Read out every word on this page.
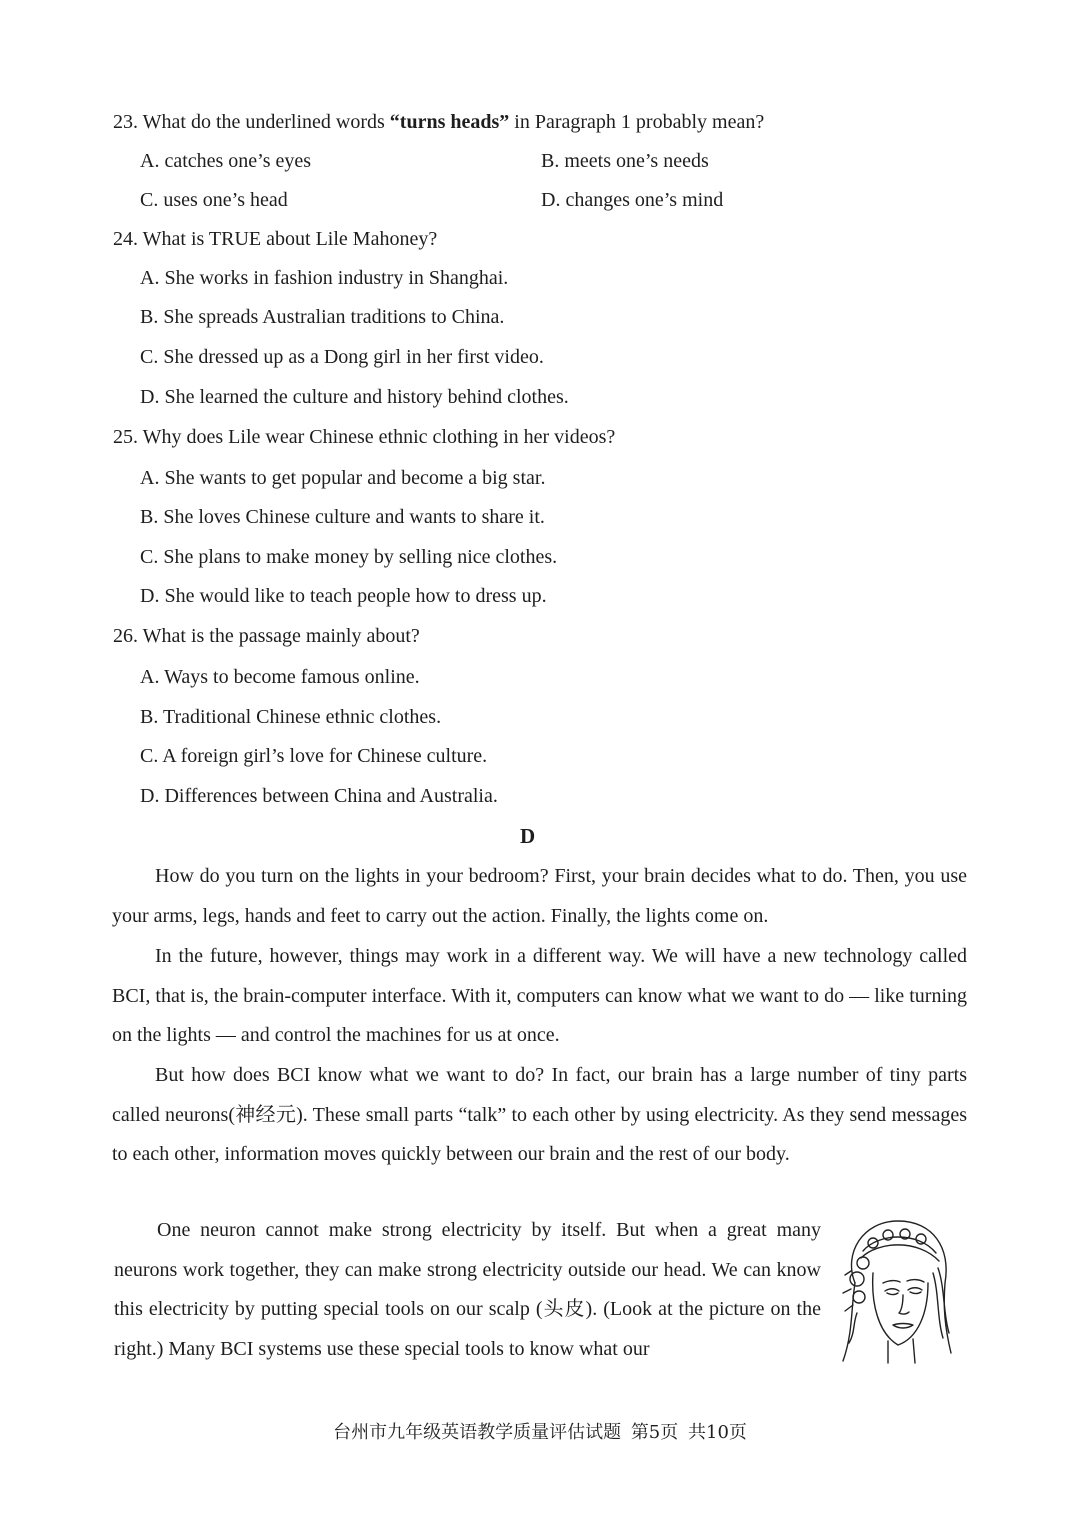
23. What do the underlined words “turns heads” in Paragraph 1 probably mean?
A. catches one’s eyes	B. meets one’s needs
C. uses one’s head	D. changes one’s mind
24. What is TRUE about Lile Mahoney?
A. She works in fashion industry in Shanghai.
B. She spreads Australian traditions to China.
C. She dressed up as a Dong girl in her first video.
D. She learned the culture and history behind clothes.
25. Why does Lile wear Chinese ethnic clothing in her videos?
A. She wants to get popular and become a big star.
B. She loves Chinese culture and wants to share it.
C. She plans to make money by selling nice clothes.
D. She would like to teach people how to dress up.
26. What is the passage mainly about?
A. Ways to become famous online.
B. Traditional Chinese ethnic clothes.
C. A foreign girl’s love for Chinese culture.
D. Differences between China and Australia.
D
How do you turn on the lights in your bedroom? First, your brain decides what to do. Then, you use your arms, legs, hands and feet to carry out the action. Finally, the lights come on.
In the future, however, things may work in a different way. We will have a new technology called BCI, that is, the brain-computer interface. With it, computers can know what we want to do — like turning on the lights — and control the machines for us at once.
But how does BCI know what we want to do? In fact, our brain has a large number of tiny parts called neurons(神经元). These small parts “talk” to each other by using electricity. As they send messages to each other, information moves quickly between our brain and the rest of our body.
One neuron cannot make strong electricity by itself. But when a great many neurons work together, they can make strong electricity outside our head. We can know this electricity by putting special tools on our scalp (头皮). (Look at the picture on the right.) Many BCI systems use these special tools to know what our
台州市九年级英语教学质量评估试题 第5页 共10页
